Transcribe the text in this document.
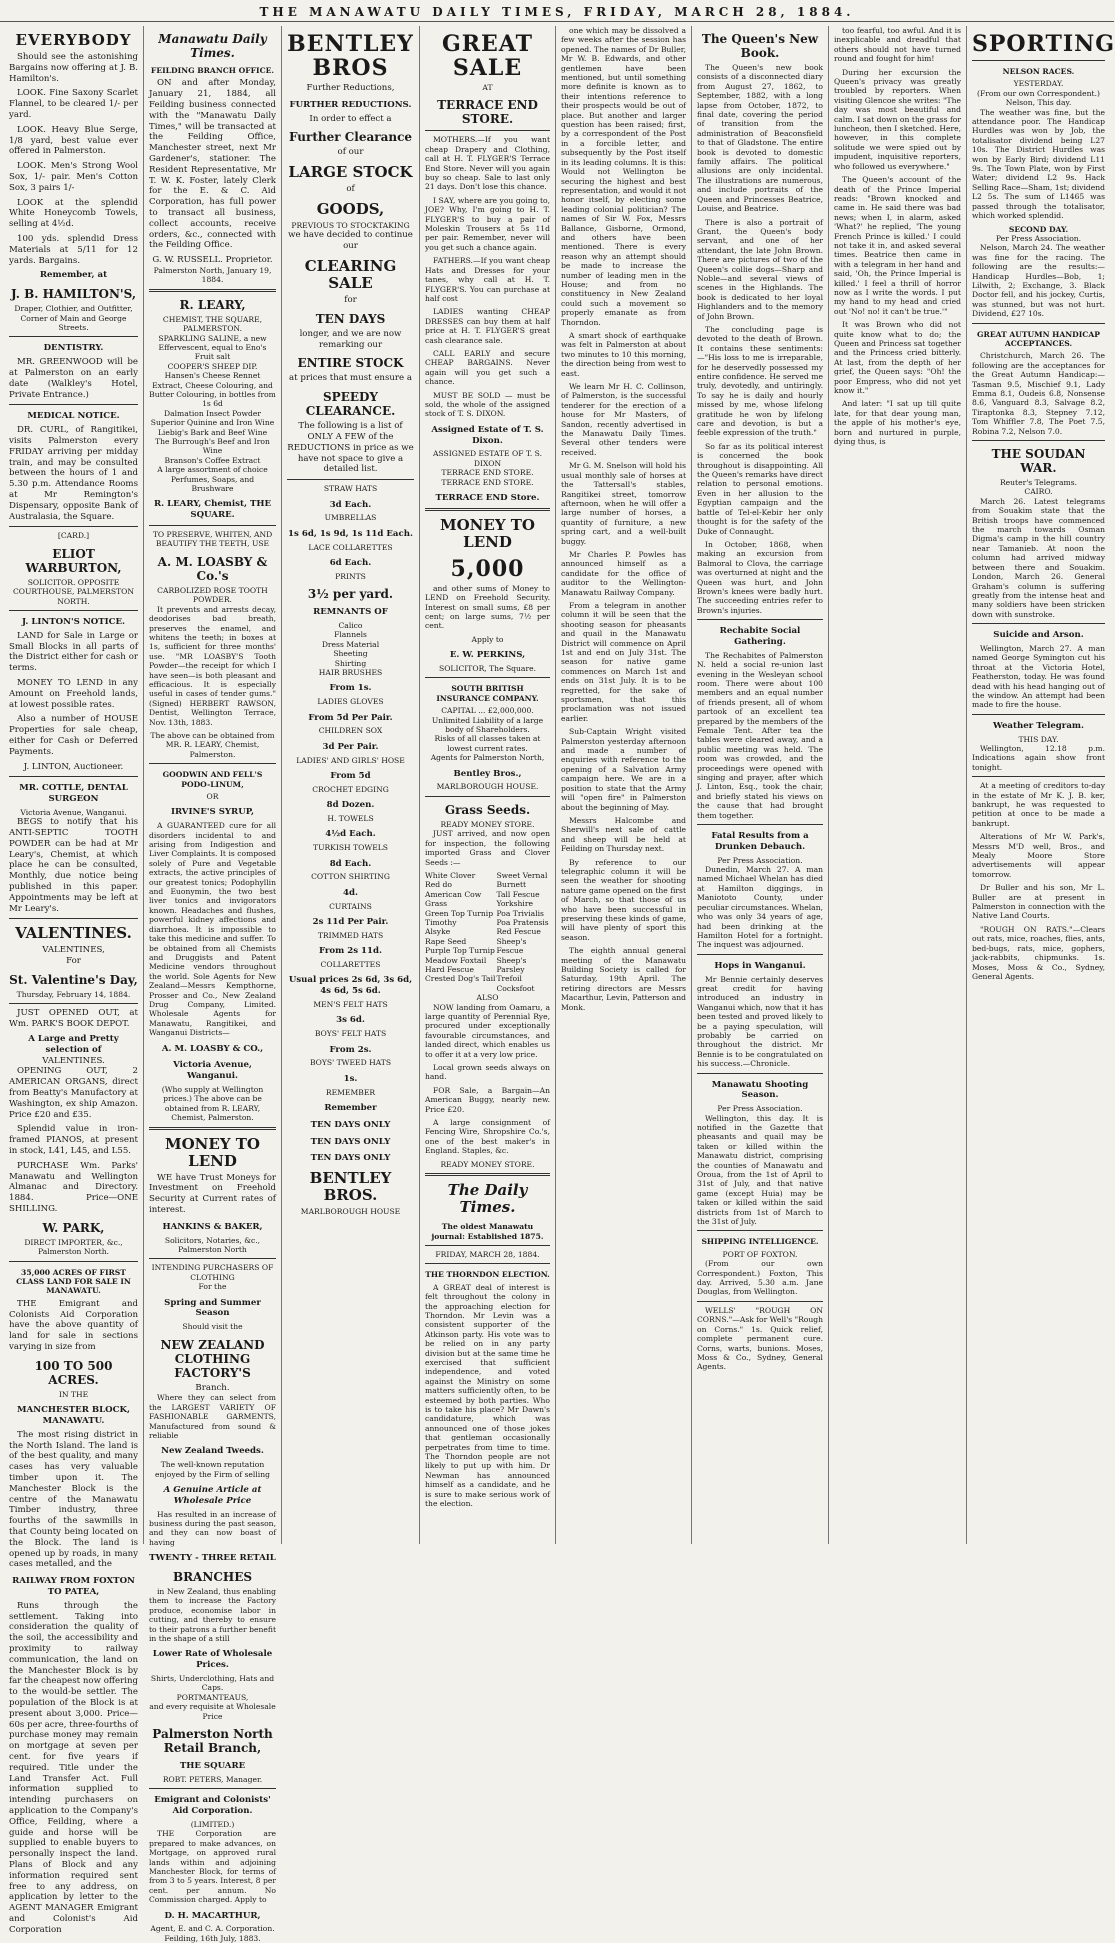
THE MANAWATU DAILY TIMES, FRIDAY, MARCH 28, 1884.
EVERYBODY

Should see the astonishing Bargains now offering at J. B. Hamilton's.

LOOK. Fine Saxony Scarlet Flannel, to be cleared 1/- per yard.

LOOK. Heavy Blue Serge, 1/8 yard, best value ever offered in Palmerston.

LOOK. Men's Strong Wool Sox, 1/- pair. Men's Cotton Sox, 3 pairs 1/-

LOOK at the splendid White Honeycomb Towels, selling at 4½d.

100 yds. splendid Dress Materials at 5/11 for 12 yards. Bargains.

Remember, at
J. B. HAMILTON'S,
Draper, Clothier, and Outfitter, Corner of Main and George Streets.
DENTISTRY.

MR. GREENWOOD will be at Palmerston on an early date (Walkley's Hotel, Private Entrance.)

MEDICAL NOTICE.

DR. CURL, of Rangitikei, visits Palmerston every FRIDAY arriving per midday train, and may be consulted between the hours of 1 and 5.30 p.m. Attendance Rooms at Mr Remington's Dispensary, opposite Bank of Australasia, the Square.

[CARD.]
ELIOT WARBURTON,
SOLICITOR. OPPOSITE COURTHOUSE, PALMERSTON NORTH.
J. LINTON'S NOTICE.

LAND for Sale in Large or Small Blocks in all parts of the District either for cash or terms.

MONEY TO LEND in any Amount on Freehold lands, at lowest possible rates.

Also a number of HOUSE Properties for sale cheap, either for Cash or Deferred Payments.

J. LINTON, Auctioneer.
MR. COTTLE, DENTAL SURGEON
Victoria Avenue, Wanganui.

BEGS to notify that his ANTI-SEPTIC TOOTH POWDER can be had at Mr Leary's, Chemist, at which place he can be consulted, Monthly, due notice being published in this paper. Appointments may be left at Mr Leary's.

VALENTINES.
VALENTINES,
For
St. Valentine's Day,
Thursday, February 14, 1884.

JUST OPENED OUT, at Wm. PARK'S BOOK DEPOT.

A Large and Pretty selection of
VALENTINES.

OPENING OUT, 2 AMERICAN ORGANS, direct from Beatty's Manufactory at Washington, ex ship Amazon. Price £20 and £35.

Splendid value in iron-framed PIANOS, at present in stock, L41, L45, and L55.

PURCHASE Wm. Parks' Manawatu and Wellington Almanac and Directory. 1884. Price—ONE SHILLING.

W. PARK,
DIRECT IMPORTER, &c., Palmerston North.
35,000 ACRES OF FIRST CLASS LAND FOR SALE IN MANAWATU.

THE Emigrant and Colonists Aid Corporation have the above quantity of land for sale in sections varying in size from

100 TO 500 ACRES.
IN THE
MANCHESTER BLOCK, MANAWATU.

The most rising district in the North Island. The land is of the best quality, and many cases has very valuable timber upon it. The Manchester Block is the centre of the Manawatu Timber industry, three fourths of the sawmills in that County being located on the Block. The land is opened up by roads, in many cases metalled, and the

RAILWAY FROM FOXTON TO PATEA,

Runs through the settlement. Taking into consideration the quality of the soil, the accessibility and proximity to railway communication, the land on the Manchester Block is by far the cheapest now offering to the would-be settler. The population of the Block is at present about 3,000. Price—60s per acre, three-fourths of purchase money may remain on mortgage at seven per cent. for five years if required. Title under the Land Transfer Act. Full information supplied to intending purchasers on application to the Company's Office, Feilding, where a guide and horse will be supplied to enable buyers to personally inspect the land. Plans of Block and any information required sent free to any address, on application by letter to the AGENT MANAGER Emigrant and Colonist's Aid Corporation

Manawatu Daily Times.
FEILDING BRANCH OFFICE.

ON and after Monday, January 21, 1884, all Feilding business connected with the "Manawatu Daily Times," will be transacted at the Feilding Office, Manchester street, next Mr Gardener's, stationer. The Resident Representative, Mr T. W. K. Foster, lately Clerk for the E. & C. Aid Corporation, has full power to transact all business, collect accounts, receive orders, &c., connected with the Feilding Office.

G. W. RUSSELL. Proprietor.
Palmerston North, January 19, 1884.
R. LEARY,
CHEMIST, THE SQUARE, PALMERSTON.
SPARKLING SALINE, a new Effervescent, equal to Eno's Fruit salt
COOPER'S SHEEP DIP.
Hansen's Cheese Rennet Extract, Cheese Colouring, and Butter Colouring, in bottles from 1s 6d
Dalmation Insect Powder
Superior Quinine and Iron Wine
Liebig's Bark and Beef Wine
The Burrough's Beef and Iron Wine
Branson's Coffee Extract
A large assortment of choice Perfumes, Soaps, and Brushware
R. LEARY, Chemist, THE SQUARE.
TO PRESERVE, WHITEN, AND BEAUTIFY THE TEETH, USE
A. M. LOASBY & Co.'s
CARBOLIZED ROSE TOOTH POWDER.

It prevents and arrests decay, deodorises bad breath, preserves the enamel, and whitens the teeth; in boxes at 1s, sufficient for three months' use. "MR LOASBY'S Tooth Powder—the receipt for which I have seen—is both pleasant and efficacious. It is especially useful in cases of tender gums." (Signed) HERBERT RAWSON, Dentist, Wellington Terrace, Nov. 13th, 1883.

The above can be obtained from MR. R. LEARY, Chemist, Palmerston.
GOODWIN AND FELL'S PODO-LINUM,
OR
IRVINE'S SYRUP,

A GUARANTEED cure for all disorders incidental to and arising from Indigestion and Liver Complaints. It is composed solely of Pure and Vegetable extracts, the active principles of our greatest tonics; Podophyllin and Euonymin, the two best liver tonics and invigorators known. Headaches and flushes, powerful kidney affections and diarrhoea. It is impossible to take this medicine and suffer. To be obtained from all Chemists and Druggists and Patent Medicine vendors throughout the world. Sole Agents for New Zealand—Messrs Kempthorne, Prosser and Co., New Zealand Drug Company, Limited. Wholesale Agents for Manawatu, Rangitikei, and Wanganui Districts—

A. M. LOASBY & CO.,
Victoria Avenue, Wanganui.
(Who supply at Wellington prices.) The above can be obtained from R. LEARY, Chemist, Palmerston.
MONEY TO LEND

WE have Trust Moneys for Investment on Freehold Security at Current rates of interest.

HANKINS & BAKER,
Solicitors, Notaries, &c., Palmerston North
INTENDING PURCHASERS OF CLOTHING
For the
Spring and Summer Season
Should visit the
NEW ZEALAND CLOTHING FACTORY'S
Branch.

Where they can select from the LARGEST VARIETY OF FASHIONABLE GARMENTS, Manufactured from sound & reliable

New Zealand Tweeds.
The well-known reputation enjoyed by the Firm of selling
A Genuine Article at Wholesale Price

Has resulted in an increase of business during the past season, and they can now boast of having

TWENTY - THREE RETAIL
BRANCHES

in New Zealand, thus enabling them to increase the Factory produce, economise labor in cutting, and thereby to ensure to their patrons a further benefit in the shape of a still

Lower Rate of Wholesale Prices.
Shirts, Underclothing, Hats and Caps.
PORTMANTEAUS,
and every requisite at Wholesale Price
Palmerston North Retail Branch,
THE SQUARE
ROBT. PETERS, Manager.
Emigrant and Colonists' Aid Corporation.
(LIMITED.)

THE Corporation are prepared to make advances, on Mortgage, on approved rural lands within and adjoining Manchester Block, for terms of from 3 to 5 years. Interest, 8 per cent. per annum. No Commission charged. Apply to

D. H. MACARTHUR,
Agent, E. and C. A. Corporation. Feilding, 16th July, 1883.
BENTLEY BROS
Further Reductions,
FURTHER REDUCTIONS.
In order to effect a
Further Clearance
of our
LARGE STOCK
of
GOODS,
PREVIOUS TO STOCKTAKING
we have decided to continue our
CLEARING SALE
for
TEN DAYS
longer, and we are now remarking our
ENTIRE STOCK
at prices that must ensure a
SPEEDY CLEARANCE.
The following is a list of ONLY A FEW of the REDUCTIONS in price as we have not space to give a detailed list.
STRAW HATS
3d Each.
UMBRELLAS
1s 6d, 1s 9d, 1s 11d Each.
LACE COLLARETTES
6d Each.
PRINTS
3½ per yard.
REMNANTS OF
Calico
Flannels
Dress Material
Sheeting
Shirting
HAIR BRUSHES
From 1s.
LADIES GLOVES
From 5d Per Pair.
CHILDREN SOX
3d Per Pair.
LADIES' AND GIRLS' HOSE
From 5d
CROCHET EDGING
8d Dozen.
H. TOWELS
4½d Each.
TURKISH TOWELS
8d Each.
COTTON SHIRTING
4d.
CURTAINS
2s 11d Per Pair.
TRIMMED HATS
From 2s 11d.
COLLARETTES
Usual prices 2s 6d, 3s 6d, 4s 6d, 5s 6d.
MEN'S FELT HATS
3s 6d.
BOYS' FELT HATS
From 2s.
BOYS' TWEED HATS
1s.
REMEMBER
Remember
TEN DAYS ONLY
TEN DAYS ONLY
TEN DAYS ONLY
BENTLEY BROS.
MARLBOROUGH HOUSE
GREAT SALE
AT
TERRACE END STORE.

MOTHERS.—If you want cheap Drapery and Clothing, call at H. T. FLYGER'S Terrace End Store. Never will you again buy so cheap. Sale to last only 21 days. Don't lose this chance.

I SAY, where are you going to, JOE? Why, I'm going to H. T. FLYGER'S to buy a pair of Moleskin Trousers at 5s 11d per pair. Remember, never will you get such a chance again.

FATHERS.—If you want cheap Hats and Dresses for your tanes, why call at H. T. FLYGER'S. You can purchase at half cost

LADIES wanting CHEAP DRESSES can buy them at half price at H. T. FLYGER'S great cash clearance sale.

CALL EARLY and secure CHEAP BARGAINS. Never again will you get such a chance.

MUST BE SOLD — must be sold, the whole of the assigned stock of T. S. DIXON.

Assigned Estate of T. S. Dixon.
ASSIGNED ESTATE OF T. S. DIXON
TERRACE END STORE.
TERRACE END STORE.
TERRACE END Store.
MONEY TO LEND
5,000

and other sums of Money to LEND on Freehold Security. Interest on small sums, £8 per cent; on large sums, 7½ per cent.

Apply to
E. W. PERKINS,
SOLICITOR, The Square.
SOUTH BRITISH INSURANCE COMPANY.
CAPITAL ... £2,000,000.
Unlimited Liability of a large body of Shareholders.
Risks of all classes taken at lowest current rates.
Agents for Palmerston North,
Bentley Bros.,
MARLBOROUGH HOUSE.
Grass Seeds.
READY MONEY STORE.

JUST arrived, and now open for inspection, the following imported Grass and Clover Seeds :—

White Clover
Red do
American Cow Grass
Green Top Turnip
Timothy
Alsyke
Rape Seed
Purple Top Turnip
Meadow Foxtail
Hard Fescue
Crested Dog's Tail
Sweet Vernal
Burnett
Tall Fescue
Yorkshire
Poa Trivialis
Poa Pratensis
Red Fescue
Sheep's Fescue
Sheep's Parsley
Trefoil
Cocksfoot
ALSO

NOW landing from Oamaru, a large quantity of Perennial Rye, procured under exceptionally favourable circumstances, and landed direct, which enables us to offer it at a very low price.

Local grown seeds always on hand.

FOR Sale, a Bargain—An American Buggy, nearly new. Price £20.

A large consignment of Fencing Wire, Shropshire Co.'s, one of the best maker's in England. Staples, &c.

READY MONEY STORE.
The Daily Times.
The oldest Manawatu journal: Established 1875.
FRIDAY, MARCH 28, 1884.
THE THORNDON ELECTION.

A GREAT deal of interest is felt throughout the colony in the approaching election for Thorndon. Mr Levin was a consistent supporter of the Atkinson party. His vote was to be relied on in any party division but at the same time he exercised that sufficient independence, and voted against the Ministry on some matters sufficiently often, to be esteemed by both parties. Who is to take his place? Mr Dawn's candidature, which was announced one of those jokes that gentleman occasionally perpetrates from time to time. The Thorndon people are not likely to put up with him. Dr Newman has announced himself as a candidate, and he is sure to make serious work of the election.

one which may be dissolved a few weeks after the session has opened. The names of Dr Buller, Mr W. B. Edwards, and other gentlemen have been mentioned, but until something more definite is known as to their intentions reference to their prospects would be out of place. But another and larger question has been raised; first, by a correspondent of the Post in a forcible letter, and subsequently by the Post itself in its leading columns. It is this: Would not Wellington be securing the highest and best representation, and would it not honor itself, by electing some leading colonial politician? The names of Sir W. Fox, Messrs Ballance, Gisborne, Ormond, and others have been mentioned. There is every reason why an attempt should be made to increase the number of leading men in the House; and from no constituency in New Zealand could such a movement so properly emanate as from Thorndon.

A smart shock of earthquake was felt in Palmerston at about two minutes to 10 this morning, the direction being from west to east.

We learn Mr H. C. Collinson, of Palmerston, is the successful tenderer for the erection of a house for Mr Masters, of Sandon, recently advertised in the Manawatu Daily Times. Several other tenders were received.

Mr G. M. Snelson will hold his usual monthly sale of horses at the Tattersall's stables, Rangitikei street, tomorrow afternoon, when he will offer a large number of horses, a quantity of furniture, a new spring cart, and a well-built buggy.

Mr Charles P. Powles has announced himself as a candidate for the office of auditor to the Wellington-Manawatu Railway Company.

From a telegram in another column it will be seen that the shooting season for pheasants and quail in the Manawatu District will commence on April 1st and end on July 31st. The season for native game commences on March 1st and ends on 31st July. It is to be regretted, for the sake of sportsmen, that this proclamation was not issued earlier.

Sub-Captain Wright visited Palmerston yesterday afternoon and made a number of enquiries with reference to the opening of a Salvation Army campaign here. We are in a position to state that the Army will "open fire" in Palmerston about the beginning of May.

Messrs Halcombe and Sherwill's next sale of cattle and sheep will be held at Feilding on Thursday next.

By reference to our telegraphic column it will be seen the weather for shooting nature game opened on the first of March, so that those of us who have been successful in preserving these kinds of game, will have plenty of sport this season.

The eighth annual general meeting of the Manawatu Building Society is called for Saturday, 19th April. The retiring directors are Messrs Macarthur, Levin, Patterson and Monk.

The Queen's New Book.

The Queen's new book consists of a disconnected diary from August 27, 1862, to September, 1882, with a long lapse from October, 1872, to final date, covering the period of transition from the administration of Beaconsfield to that of Gladstone. The entire book is devoted to domestic family affairs. The political allusions are only incidental. The illustrations are numerous, and include portraits of the Queen and Princesses Beatrice, Louise, and Beatrice.

There is also a portrait of Grant, the Queen's body servant, and one of her attendant, the late John Brown. There are pictures of two of the Queen's collie dogs—Sharp and Noble—and several views of scenes in the Highlands. The book is dedicated to her loyal Highlanders and to the memory of John Brown.

The concluding page is devoted to the death of Brown. It contains these sentiments:—"His loss to me is irreparable, for he deservedly possessed my entire confidence. He served me truly, devotedly, and untiringly. To say he is daily and hourly missed by me, whose lifelong gratitude he won by lifelong care and devotion, is but a feeble expression of the truth."

So far as its political interest is concerned the book throughout is disappointing. All the Queen's remarks have direct relation to personal emotions. Even in her allusion to the Egyptian campaign and the battle of Tel-el-Kebir her only thought is for the safety of the Duke of Connaught.

In October, 1868, when making an excursion from Balmoral to Clova, the carriage was overturned at night and the Queen was hurt, and John Brown's knees were badly hurt. The succeeding entries refer to Brown's injuries.

Rechabite Social Gathering.

The Rechabites of Palmerston N. held a social re-union last evening in the Wesleyan school room. There were about 100 members and an equal number of friends present, all of whom partook of an excellent tea prepared by the members of the Female Tent. After tea the tables were cleared away, and a public meeting was held. The room was crowded, and the proceedings were opened with singing and prayer, after which J. Linton, Esq., took the chair, and briefly stated his views on the cause that had brought them together.

Fatal Results from a Drunken Debauch.
Per Press Association.

Dunedin, March 27. A man named Michael Whelan has died at Hamilton diggings, in Maniototo County, under peculiar circumstances. Whelan, who was only 34 years of age, had been drinking at the Hamilton Hotel for a fortnight. The inquest was adjourned.

Hops in Wanganui.

Mr Bennie certainly deserves great credit for having introduced an industry in Wanganui which, now that it has been tested and proved likely to be a paying speculation, will probably be carried on throughout the district. Mr Bennie is to be congratulated on his success.—Chronicle.

Manawatu Shooting Season.
Per Press Association.

Wellington, this day. It is notified in the Gazette that pheasants and quail may be taken or killed within the Manawatu district, comprising the counties of Manawatu and Oroua, from the 1st of April to 31st of July, and that native game (except Huia) may be taken or killed within the said districts from 1st of March to the 31st of July.

SHIPPING INTELLIGENCE.
PORT OF FOXTON.

(From our own Correspondent.) Foxton, This day. Arrived, 5.30 a.m. Jane Douglas, from Wellington.

WELLS' "ROUGH ON CORNS."—Ask for Well's "Rough on Corns." 1s. Quick relief, complete permanent cure. Corns, warts, bunions. Moses, Moss & Co., Sydney, General Agents.

too fearful, too awful. And it is inexplicable and dreadful that others should not have turned round and fought for him!

During her excursion the Queen's privacy was greatly troubled by reporters. When visiting Glencoe she writes: "The day was most beautiful and calm. I sat down on the grass for luncheon, then I sketched. Here, however, in this complete solitude we were spied out by impudent, inquisitive reporters, who followed us everywhere."

The Queen's account of the death of the Prince Imperial reads: "Brown knocked and came in. He said there was bad news; when I, in alarm, asked 'What?' he replied, 'The young French Prince is killed.' I could not take it in, and asked several times. Beatrice then came in with a telegram in her hand and said, 'Oh, the Prince Imperial is killed.' I feel a thrill of horror now as I write the words. I put my hand to my head and cried out 'No! no! it can't be true.'"

It was Brown who did not quite know what to do; the Queen and Princess sat together and the Princess cried bitterly. At last, from the depth of her grief, the Queen says: "Oh! the poor Empress, who did not yet know it."

And later: "I sat up till quite late, for that dear young man, the apple of his mother's eye, born and nurtured in purple, dying thus, is

SPORTING
NELSON RACES.
YESTERDAY.
(From our own Correspondent.)
Nelson, This day.

The weather was fine, but the attendance poor. The Handicap Hurdles was won by Job, the totalisator dividend being L27 10s. The District Hurdles was won by Early Bird; dividend L11 9s. The Town Plate, won by First Water; dividend L2 9s. Hack Selling Race—Sham, 1st; dividend L2 5s. The sum of L1465 was passed through the totalisator, which worked splendid.

SECOND DAY.
Per Press Association.

Nelson, March 24. The weather was fine for the racing. The following are the results:— Handicap Hurdles—Bob, 1; Lilwith, 2; Exchange, 3. Black Doctor fell, and his jockey, Curtis, was stunned, but was not hurt. Dividend, £27 10s.

GREAT AUTUMN HANDICAP ACCEPTANCES.

Christchurch, March 26. The following are the acceptances for the Great Autumn Handicap:— Tasman 9.5, Mischief 9.1, Lady Emma 8.1, Oudeis 6.8, Nonsense 8.6, Vanguard 8.3, Salvage 8.2, Tiraptonka 8.3, Stepney 7.12, Tom Whiffler 7.8, The Poet 7.5, Robina 7.2, Nelson 7.0.

THE SOUDAN WAR.
Reuter's Telegrams.
CAIRO.

March 26. Latest telegrams from Souakim state that the British troops have commenced the march towards Osman Digma's camp in the hill country near Tamanieb. At noon the column had arrived midway between there and Souakim. London, March 26. General Graham's column is suffering greatly from the intense heat and many soldiers have been stricken down with sunstroke.

Suicide and Arson.

Wellington, March 27. A man named George Symington cut his throat at the Victoria Hotel, Featherston, today. He was found dead with his head hanging out of the window. An attempt had been made to fire the house.

Weather Telegram.
THIS DAY.

Wellington, 12.18 p.m. Indications again show front tonight.

At a meeting of creditors to-day in the estate of Mr K. J. B. ker, bankrupt, he was requested to petition at once to be made a bankrupt.

Alterations of Mr W. Park's, Messrs M'D well, Bros., and Mealy Moore Store advertisements will appear tomorrow.

Dr Buller and his son, Mr L. Buller are at present in Palmerston in connection with the Native Land Courts.

"ROUGH ON RATS."—Clears out rats, mice, roaches, flies, ants, bed-bugs, rats, mice, gophers, jack-rabbits, chipmunks. 1s. Moses, Moss & Co., Sydney, General Agents.
